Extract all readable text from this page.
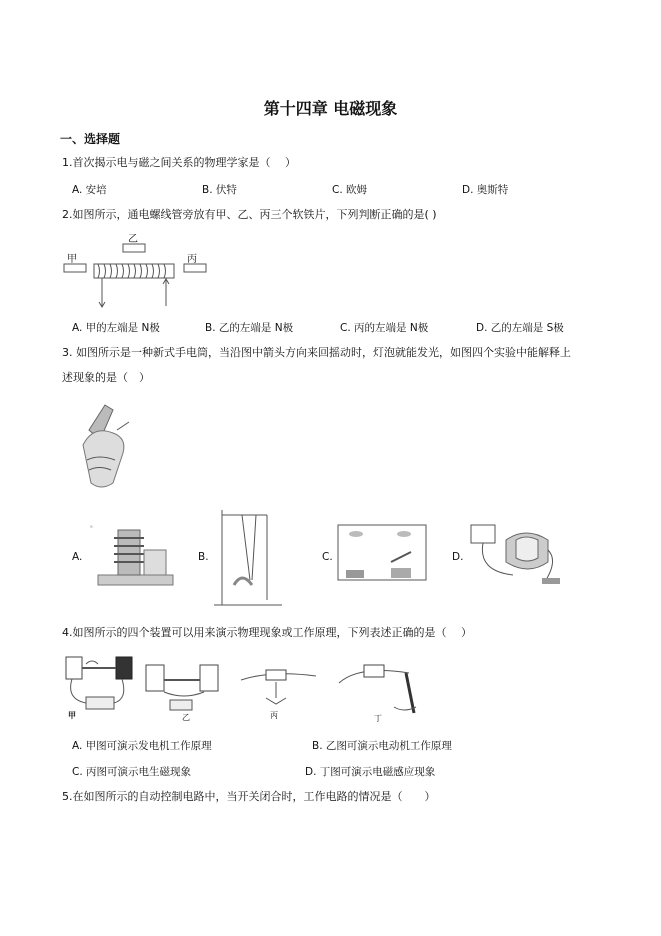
第十四章 电磁现象
一、选择题
1.首次揭示电与磁之间关系的物理学家是（　 ）
A. 安培	B. 伏特	C. 欧姆	D. 奥斯特
2.如图所示，通电螺线管旁放有甲、乙、丙三个软铁片，下列判断正确的是( )
甲
乙
丙
A. 甲的左端是 N极	B. 乙的左端是 N极	C. 丙的左端是 N极	D. 乙的左端是 S极
3. 如图所示是一种新式手电筒，当沿图中箭头方向来回摇动时，灯泡就能发光，如图四个实验中能解释上
述现象的是（　）
A.
ᵃ
B.	C.	D.
4.如图所示的四个装置可以用来演示物理现象或工作原理，下列表述正确的是（　 ）
甲	乙	丙	丁
A. 甲图可演示发电机工作原理	B. 乙图可演示电动机工作原理
C. 丙图可演示电生磁现象	D. 丁图可演示电磁感应现象
5.在如图所示的自动控制电路中，当开关闭合时，工作电路的情况是（　　）
